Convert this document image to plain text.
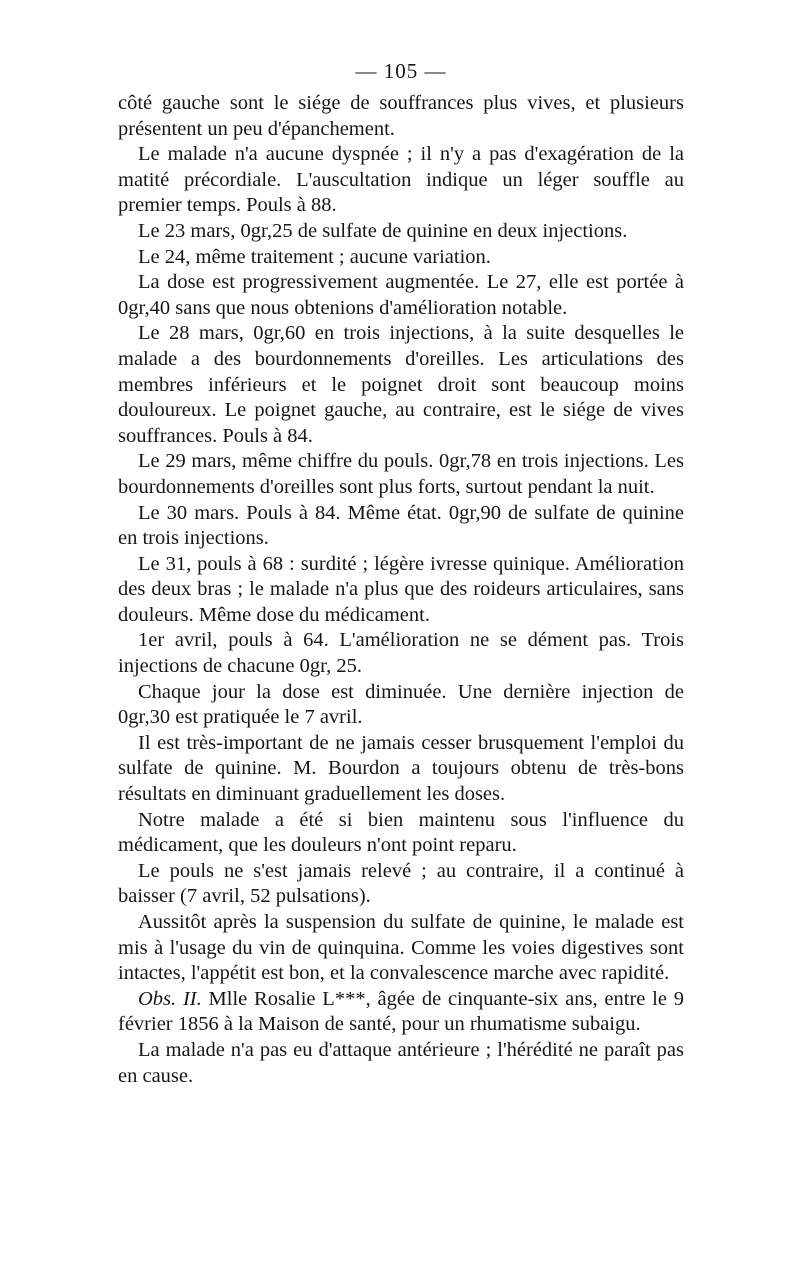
— 105 —

côté gauche sont le siége de souffrances plus vives, et plusieurs présentent un peu d'épanchement.

Le malade n'a aucune dyspnée ; il n'y a pas d'exagération de la matité précordiale. L'auscultation indique un léger souffle au premier temps. Pouls à 88.

Le 23 mars, 0gr,25 de sulfate de quinine en deux injections.

Le 24, même traitement ; aucune variation.

La dose est progressivement augmentée. Le 27, elle est portée à 0gr,40 sans que nous obtenions d'amélioration notable.

Le 28 mars, 0gr,60 en trois injections, à la suite desquelles le malade a des bourdonnements d'oreilles. Les articulations des membres inférieurs et le poignet droit sont beaucoup moins douloureux. Le poignet gauche, au contraire, est le siége de vives souffrances. Pouls à 84.

Le 29 mars, même chiffre du pouls. 0gr,78 en trois injections. Les bourdonnements d'oreilles sont plus forts, surtout pendant la nuit.

Le 30 mars. Pouls à 84. Même état. 0gr,90 de sulfate de quinine en trois injections.

Le 31, pouls à 68 : surdité ; légère ivresse quinique. Amélioration des deux bras ; le malade n'a plus que des roideurs articulaires, sans douleurs. Même dose du médicament.

1er avril, pouls à 64. L'amélioration ne se dément pas. Trois injections de chacune 0gr, 25.

Chaque jour la dose est diminuée. Une dernière injection de 0gr,30 est pratiquée le 7 avril.

Il est très-important de ne jamais cesser brusquement l'emploi du sulfate de quinine. M. Bourdon a toujours obtenu de très-bons résultats en diminuant graduellement les doses.

Notre malade a été si bien maintenu sous l'influence du médicament, que les douleurs n'ont point reparu.

Le pouls ne s'est jamais relevé ; au contraire, il a continué à baisser (7 avril, 52 pulsations).

Aussitôt après la suspension du sulfate de quinine, le malade est mis à l'usage du vin de quinquina. Comme les voies digestives sont intactes, l'appétit est bon, et la convalescence marche avec rapidité.

Obs. II. Mlle Rosalie L***, âgée de cinquante-six ans, entre le 9 février 1856 à la Maison de santé, pour un rhumatisme subaigu.

La malade n'a pas eu d'attaque antérieure ; l'hérédité ne paraît pas en cause.
